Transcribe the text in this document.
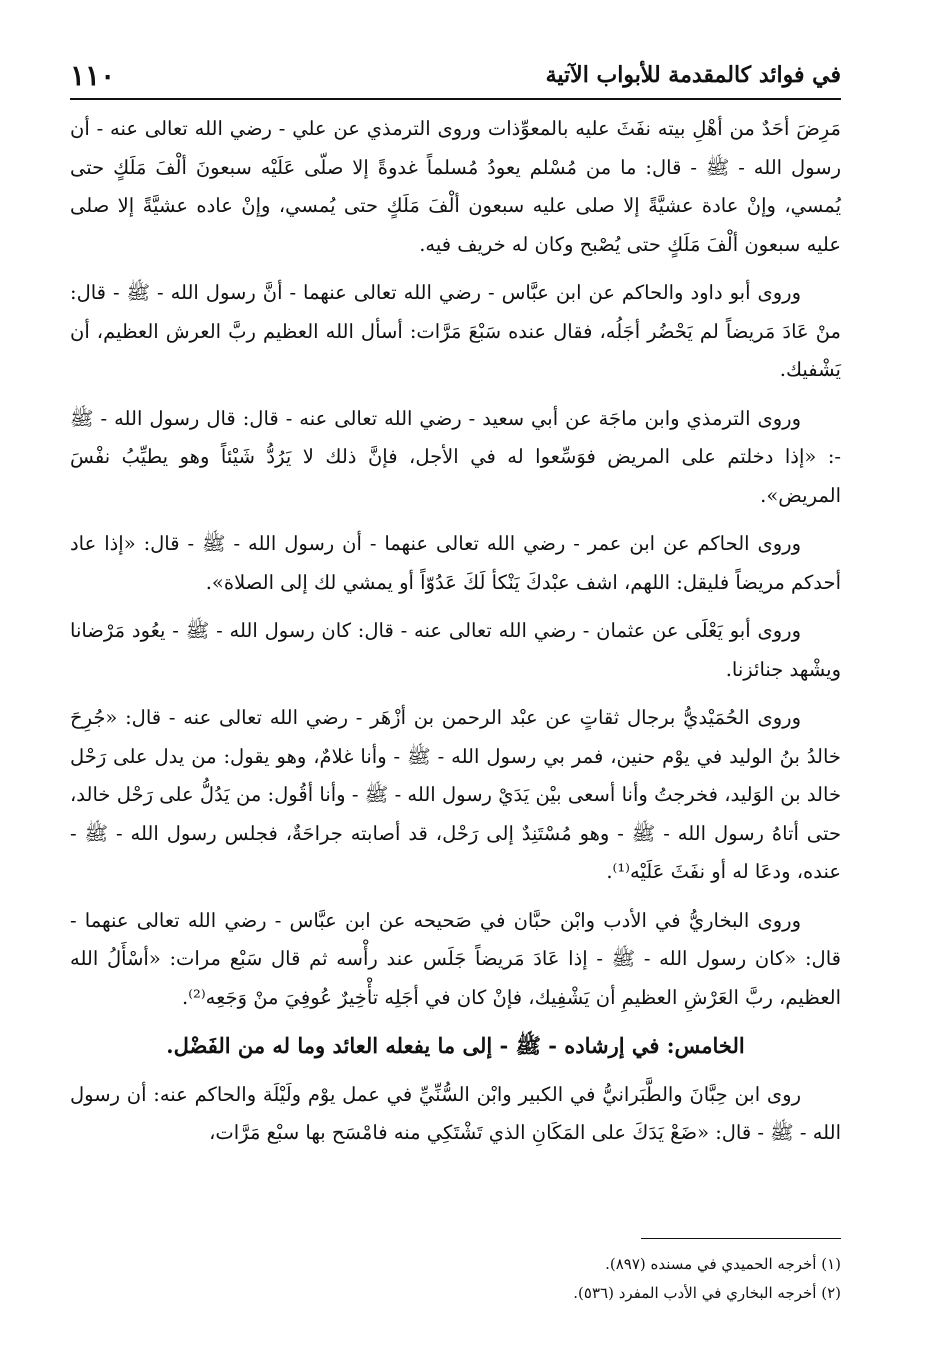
في فوائد كالمقدمة للأبواب الآتية
١١٠

مَرِضَ أحَدٌ من أهْلِ بيته نفَثَ عليه بالمعوِّذات وروى الترمذي عن علي - رضي الله تعالى عنه - أن رسول الله - ﷺ - قال: ما من مُسْلم يعودُ مُسلماً غدوةً إلا صلّى عَلَيْه سبعونَ ألْفَ مَلَكٍ حتى يُمسي، وإنْ عادة عشيَّةً إلا صلى عليه سبعون ألْفَ مَلَكٍ حتى يُمسي، وإنْ عاده عشيَّةً إلا صلى عليه سبعون ألْفَ مَلَكٍ حتى يُصْبح وكان له خريف فيه.

وروى أبو داود والحاكم عن ابن عبَّاس - رضي الله تعالى عنهما - أنَّ رسول الله - ﷺ - قال: منْ عَادَ مَريضاً لم يَحْضُر أجَلُه، فقال عنده سَبْعَ مَرَّات: أسأل الله العظيم ربَّ العرش العظيم، أن يَشْفيك.

وروى الترمذي وابن ماجَة عن أبي سعيد - رضي الله تعالى عنه - قال: قال رسول الله - ﷺ -: «إذا دخلتم على المريض فوَسِّعوا له في الأجل، فإنَّ ذلك لا يَرُدُّ شَيْئاً وهو يطيِّبُ نفْسَ المريض».

وروى الحاكم عن ابن عمر - رضي الله تعالى عنهما - أن رسول الله - ﷺ - قال: «إذا عاد أحدكم مريضاً فليقل: اللهم، اشف عبْدكَ يَنْكأ لَكَ عَدُوّاً أو يمشي لك إلى الصلاة».

وروى أبو يَعْلَى عن عثمان - رضي الله تعالى عنه - قال: كان رسول الله - ﷺ - يعُود مَرْضانا ويشْهد جنائزنا.

وروى الحُمَيْديُّ برجال ثقاتٍ عن عبْد الرحمن بن أزْهَر - رضي الله تعالى عنه - قال: «جُرِحَ خالدُ بنُ الوليد في يوْم حنين، فمر بي رسول الله - ﷺ - وأنا غلامٌ، وهو يقول: من يدل على رَحْل خالد بن الوَليد، فخرجتُ وأنا أسعى بيْن يَدَيْ رسول الله - ﷺ - وأنا أقُول: من يَدُلُّ على رَحْل خالد، حتى أتاهُ رسول الله - ﷺ - وهو مُسْتَنِدٌ إلى رَحْل، قد أصابته جراحَةٌ، فجلس رسول الله - ﷺ - عنده، ودعَا له أو نفَثَ عَلَيْه⁽¹⁾.

وروى البخاريُّ في الأدب وابْن حبَّان في صَحيحه عن ابن عبَّاس - رضي الله تعالى عنهما - قال: «كان رسول الله - ﷺ - إذا عَادَ مَريضاً جَلَس عند رأْسه ثم قال سَبْع مرات: «أسْأَلُ الله العظيم، ربَّ العَرْشِ العظيمِ أن يَشْفِيك، فإنْ كان في أجَلِه تأْخِيرٌ عُوفِيَ منْ وَجَعِه⁽²⁾.

الخامس: في إرشاده - ﷺ - إلى ما يفعله العائد وما له من الفَضْل.

روى ابن حِبَّانَ والطَّبَرانيُّ في الكبير وابْن السُّنِّيِّ في عمل يوْم ولَيْلَة والحاكم عنه: أن رسول الله - ﷺ - قال: «ضَعْ يَدَكَ على المَكَانِ الذي تَشْتَكِي منه فامْسَح بها سبْع مَرَّات،

(١) أخرجه الحميدي في مسنده (٨٩٧).

(٢) أخرجه البخاري في الأدب المفرد (٥٣٦).
